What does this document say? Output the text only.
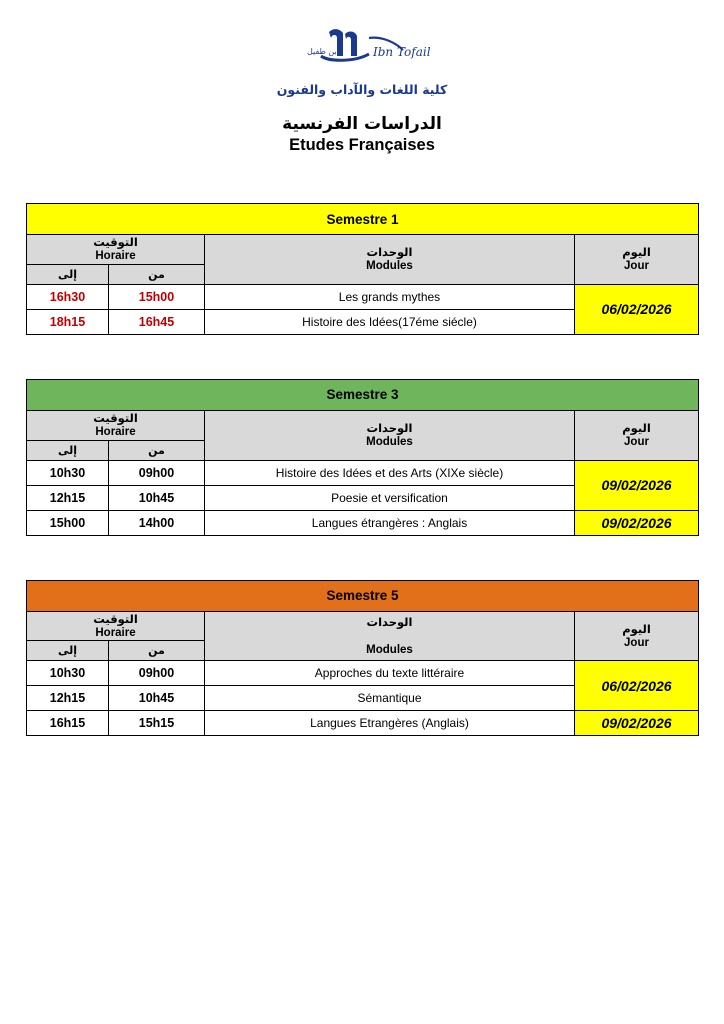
Ibn Tofail
ابن طفيل
كلية اللغات والآداب والفنون
الدراسات الفرنسية
Etudes Françaises
Semestre 1			

التوقيت
Horaire	الوحدات
Modules

اليوم
Jour

إلى	من		
16h30	15h00	Les grands mythes	06/02/2026
18h15	16h45	Histoire des Idées(17éme siécle)	
Semestre 3			

التوقيت
Horaire	الوحدات
Modules

اليوم
Jour

إلى	من		
10h30	09h00	Histoire des Idées et des Arts (XIXe siècle)	09/02/2026
12h15	10h45	Poesie et versification	
15h00	14h00	Langues étrangères : Anglais	09/02/2026
Semestre 5			

التوقيت
Horaire

الوحدات
Modules

اليوم
Jour

إلى	من		
10h30	09h00	Approches du texte littéraire	06/02/2026
12h15	10h45	Sémantique	
16h15	15h15	Langues Etrangères (Anglais)	09/02/2026
